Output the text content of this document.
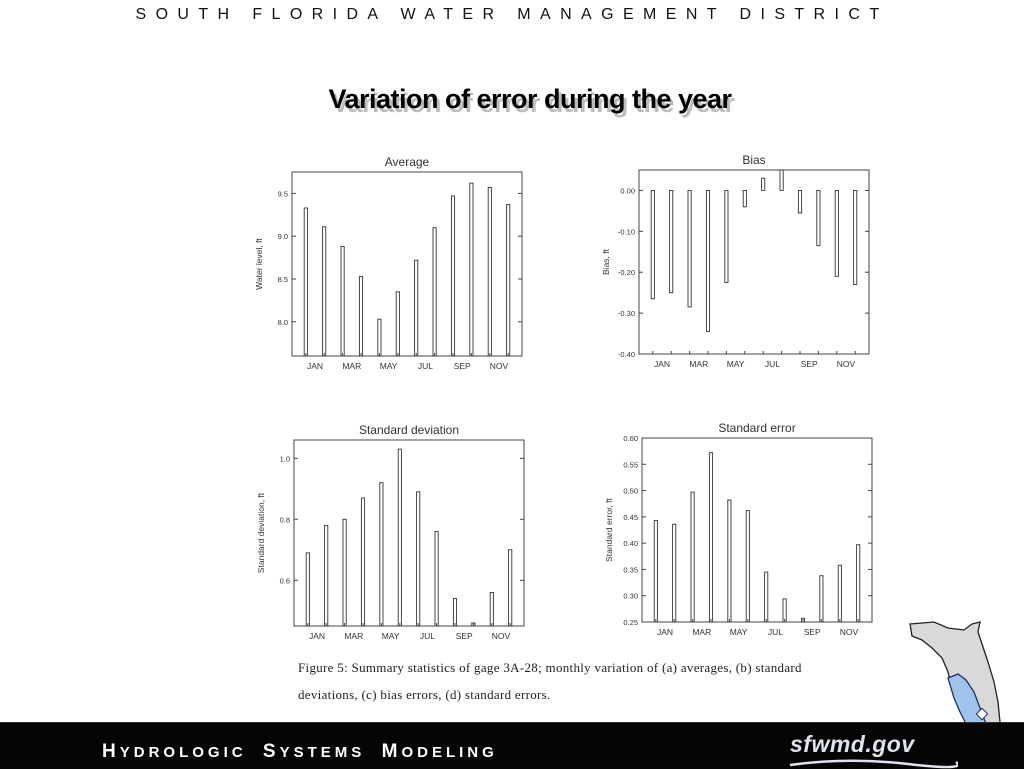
SOUTH FLORIDA WATER MANAGEMENT DISTRICT
Variation of error during the year
Average
8.0
8.5
9.0
9.5
JAN MAR MAY JUL SEP NOV
Water level, ft
Bias
0.00
-0.10
-0.20
-0.30
-0.40
JAN MAR MAY JUL SEP NOV
Bias, ft
Standard deviation
0.6
0.8
1.0
JAN MAR MAY JUL SEP NOV
Standard deviation, ft
Standard error
0.25
0.30
0.35
0.40
0.45
0.50
0.55
0.60
JAN MAR MAY JUL SEP NOV
Standard error, ft
Figure 5: Summary statistics of gage 3A-28; monthly variation of (a) averages, (b) standard
deviations, (c) bias errors, (d) standard errors.
HYDROLOGIC SYSTEMS MODELING	sfwmd.gov
